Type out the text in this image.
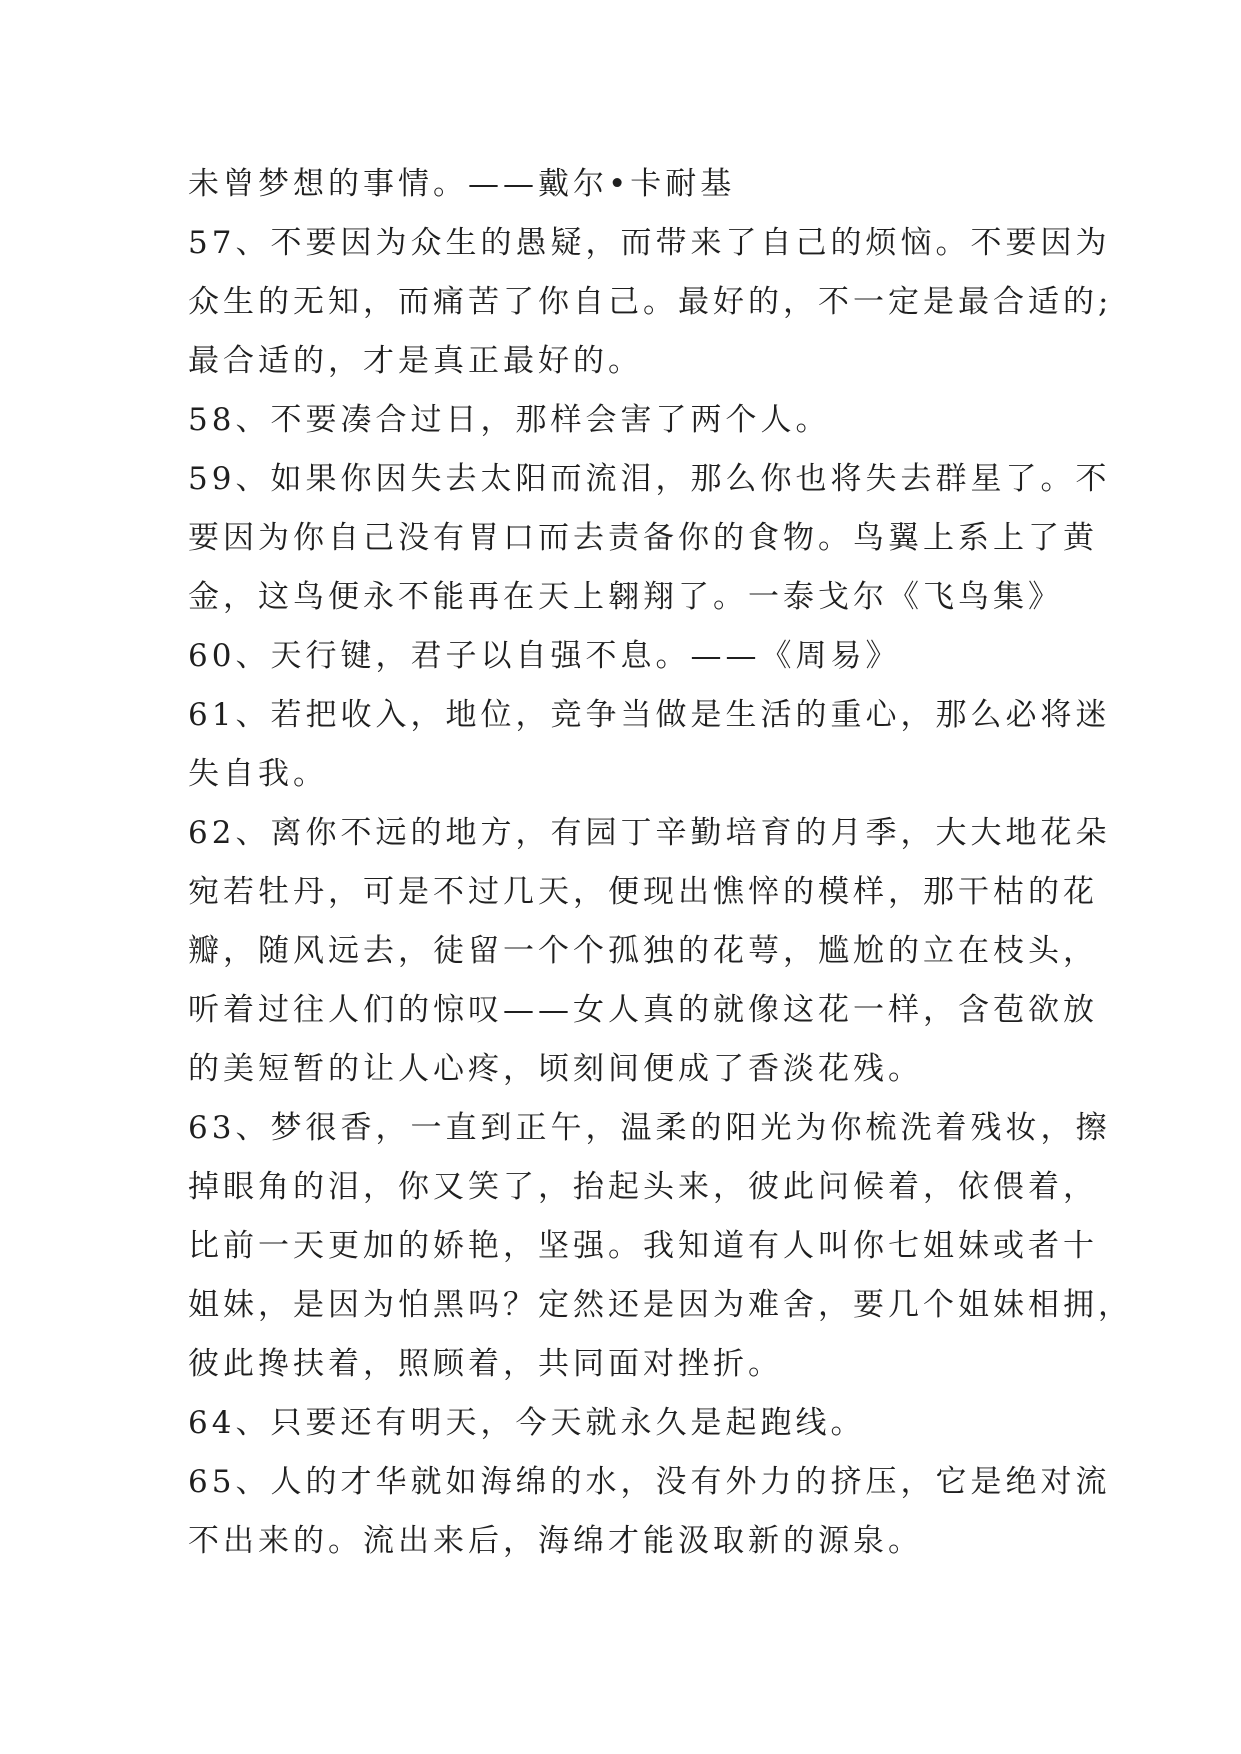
未曾梦想的事情。——戴尔•卡耐基
57、不要因为众生的愚疑，而带来了自己的烦恼。不要因为
众生的无知，而痛苦了你自己。最好的，不一定是最合适的;
最合适的，才是真正最好的。
58、不要凑合过日，那样会害了两个人。
59、如果你因失去太阳而流泪，那么你也将失去群星了。不
要因为你自己没有胃口而去责备你的食物。鸟翼上系上了黄
金，这鸟便永不能再在天上翱翔了。一泰戈尔《飞鸟集》
60、天行键，君子以自强不息。——《周易》
61、若把收入，地位，竞争当做是生活的重心，那么必将迷
失自我。
62、离你不远的地方，有园丁辛勤培育的月季，大大地花朵
宛若牡丹，可是不过几天，便现出憔悴的模样，那干枯的花
瓣，随风远去，徒留一个个孤独的花萼，尴尬的立在枝头，
听着过往人们的惊叹——女人真的就像这花一样，含苞欲放
的美短暂的让人心疼，顷刻间便成了香淡花残。
63、梦很香，一直到正午，温柔的阳光为你梳洗着残妆，擦
掉眼角的泪，你又笑了，抬起头来，彼此问候着，依偎着，
比前一天更加的娇艳，坚强。我知道有人叫你七姐妹或者十
姐妹，是因为怕黑吗？定然还是因为难舍，要几个姐妹相拥，
彼此搀扶着，照顾着，共同面对挫折。
64、只要还有明天，今天就永久是起跑线。
65、人的才华就如海绵的水，没有外力的挤压，它是绝对流
不出来的。流出来后，海绵才能汲取新的源泉。
